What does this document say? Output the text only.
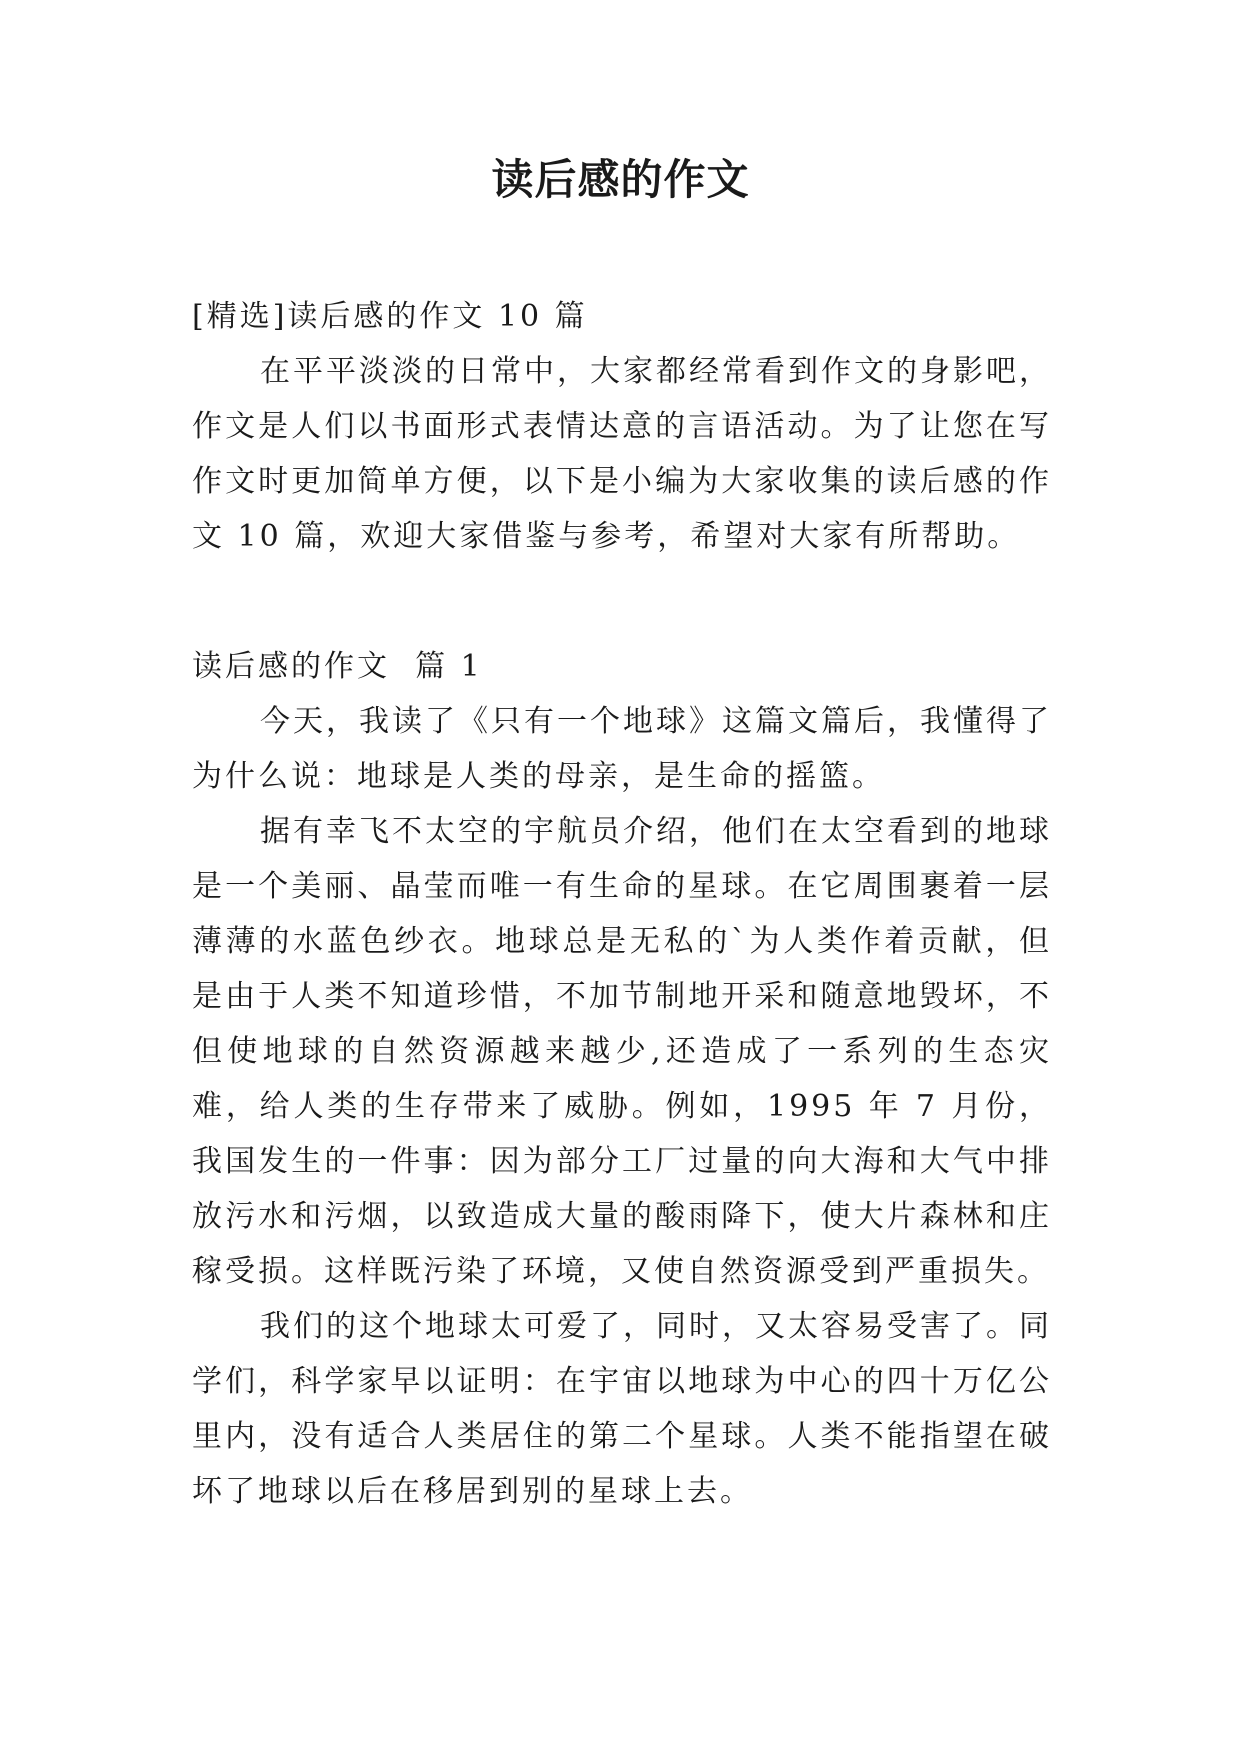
读后感的作文

[精选]读后感的作文 10 篇

在平平淡淡的日常中，大家都经常看到作文的身影吧，作文是人们以书面形式表情达意的言语活动。为了让您在写作文时更加简单方便，以下是小编为大家收集的读后感的作文 10 篇，欢迎大家借鉴与参考，希望对大家有所帮助。

读后感的作文  篇 1

今天，我读了《只有一个地球》这篇文篇后，我懂得了为什么说：地球是人类的母亲，是生命的摇篮。

据有幸飞不太空的宇航员介绍，他们在太空看到的地球是一个美丽、晶莹而唯一有生命的星球。在它周围裹着一层薄薄的水蓝色纱衣。地球总是无私的`为人类作着贡献，但是由于人类不知道珍惜，不加节制地开采和随意地毁坏，不但使地球的自然资源越来越少,还造成了一系列的生态灾难，给人类的生存带来了威胁。例如，1995 年 7 月份，我国发生的一件事：因为部分工厂过量的向大海和大气中排放污水和污烟，以致造成大量的酸雨降下，使大片森林和庄稼受损。这样既污染了环境，又使自然资源受到严重损失。

我们的这个地球太可爱了，同时，又太容易受害了。同学们，科学家早以证明：在宇宙以地球为中心的四十万亿公里内，没有适合人类居住的第二个星球。人类不能指望在破坏了地球以后在移居到别的星球上去。
